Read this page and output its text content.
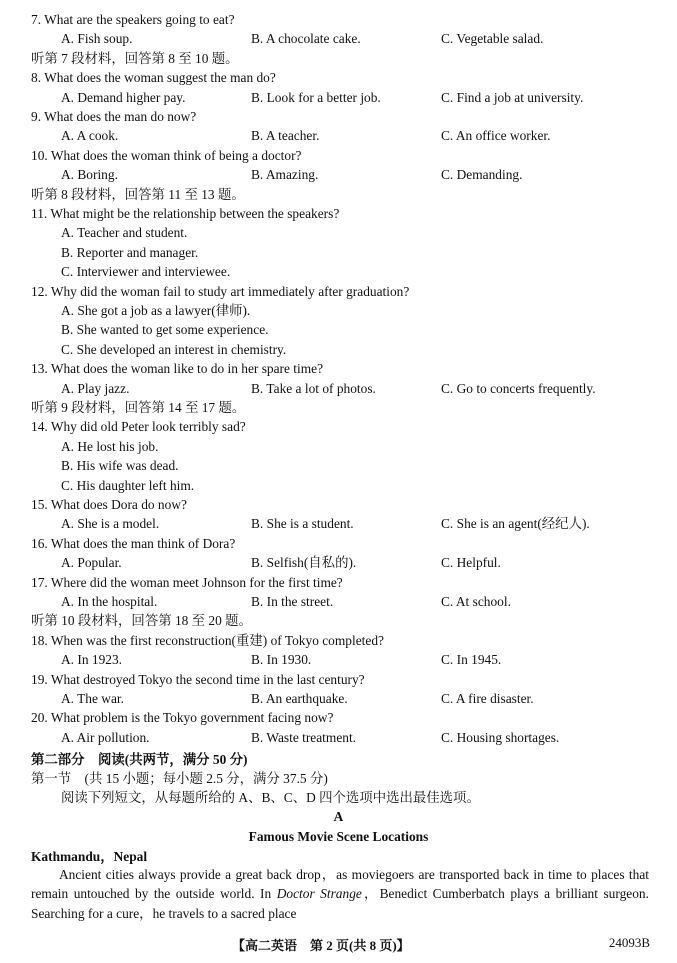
7. What are the speakers going to eat?
A. Fish soup.	B. A chocolate cake.	C. Vegetable salad.
听第 7 段材料，回答第 8 至 10 题。
8. What does the woman suggest the man do?
A. Demand higher pay.	B. Look for a better job.	C. Find a job at university.
9. What does the man do now?
A. A cook.	B. A teacher.	C. An office worker.
10. What does the woman think of being a doctor?
A. Boring.	B. Amazing.	C. Demanding.
听第 8 段材料，回答第 11 至 13 题。
11. What might be the relationship between the speakers?
A. Teacher and student.
B. Reporter and manager.
C. Interviewer and interviewee.
12. Why did the woman fail to study art immediately after graduation?
A. She got a job as a lawyer(律师).
B. She wanted to get some experience.
C. She developed an interest in chemistry.
13. What does the woman like to do in her spare time?
A. Play jazz.	B. Take a lot of photos.	C. Go to concerts frequently.
听第 9 段材料，回答第 14 至 17 题。
14. Why did old Peter look terribly sad?
A. He lost his job.
B. His wife was dead.
C. His daughter left him.
15. What does Dora do now?
A. She is a model.	B. She is a student.	C. She is an agent(经纪人).
16. What does the man think of Dora?
A. Popular.	B. Selfish(自私的).	C. Helpful.
17. Where did the woman meet Johnson for the first time?
A. In the hospital.	B. In the street.	C. At school.
听第 10 段材料，回答第 18 至 20 题。
18. When was the first reconstruction(重建) of Tokyo completed?
A. In 1923.	B. In 1930.	C. In 1945.
19. What destroyed Tokyo the second time in the last century?
A. The war.	B. An earthquake.	C. A fire disaster.
20. What problem is the Tokyo government facing now?
A. Air pollution.	B. Waste treatment.	C. Housing shortages.
第二部分　阅读(共两节，满分 50 分)
第一节　(共 15 小题；每小题 2.5 分，满分 37.5 分)
阅读下列短文，从每题所给的 A、B、C、D 四个选项中选出最佳选项。
A
Famous Movie Scene Locations
Kathmandu，Nepal
Ancient cities always provide a great back drop，as moviegoers are transported back in time to places that remain untouched by the outside world. In Doctor Strange，Benedict Cumberbatch plays a brilliant surgeon. Searching for a cure，he travels to a sacred place
【高二英语　第 2 页(共 8 页)】	24093B
